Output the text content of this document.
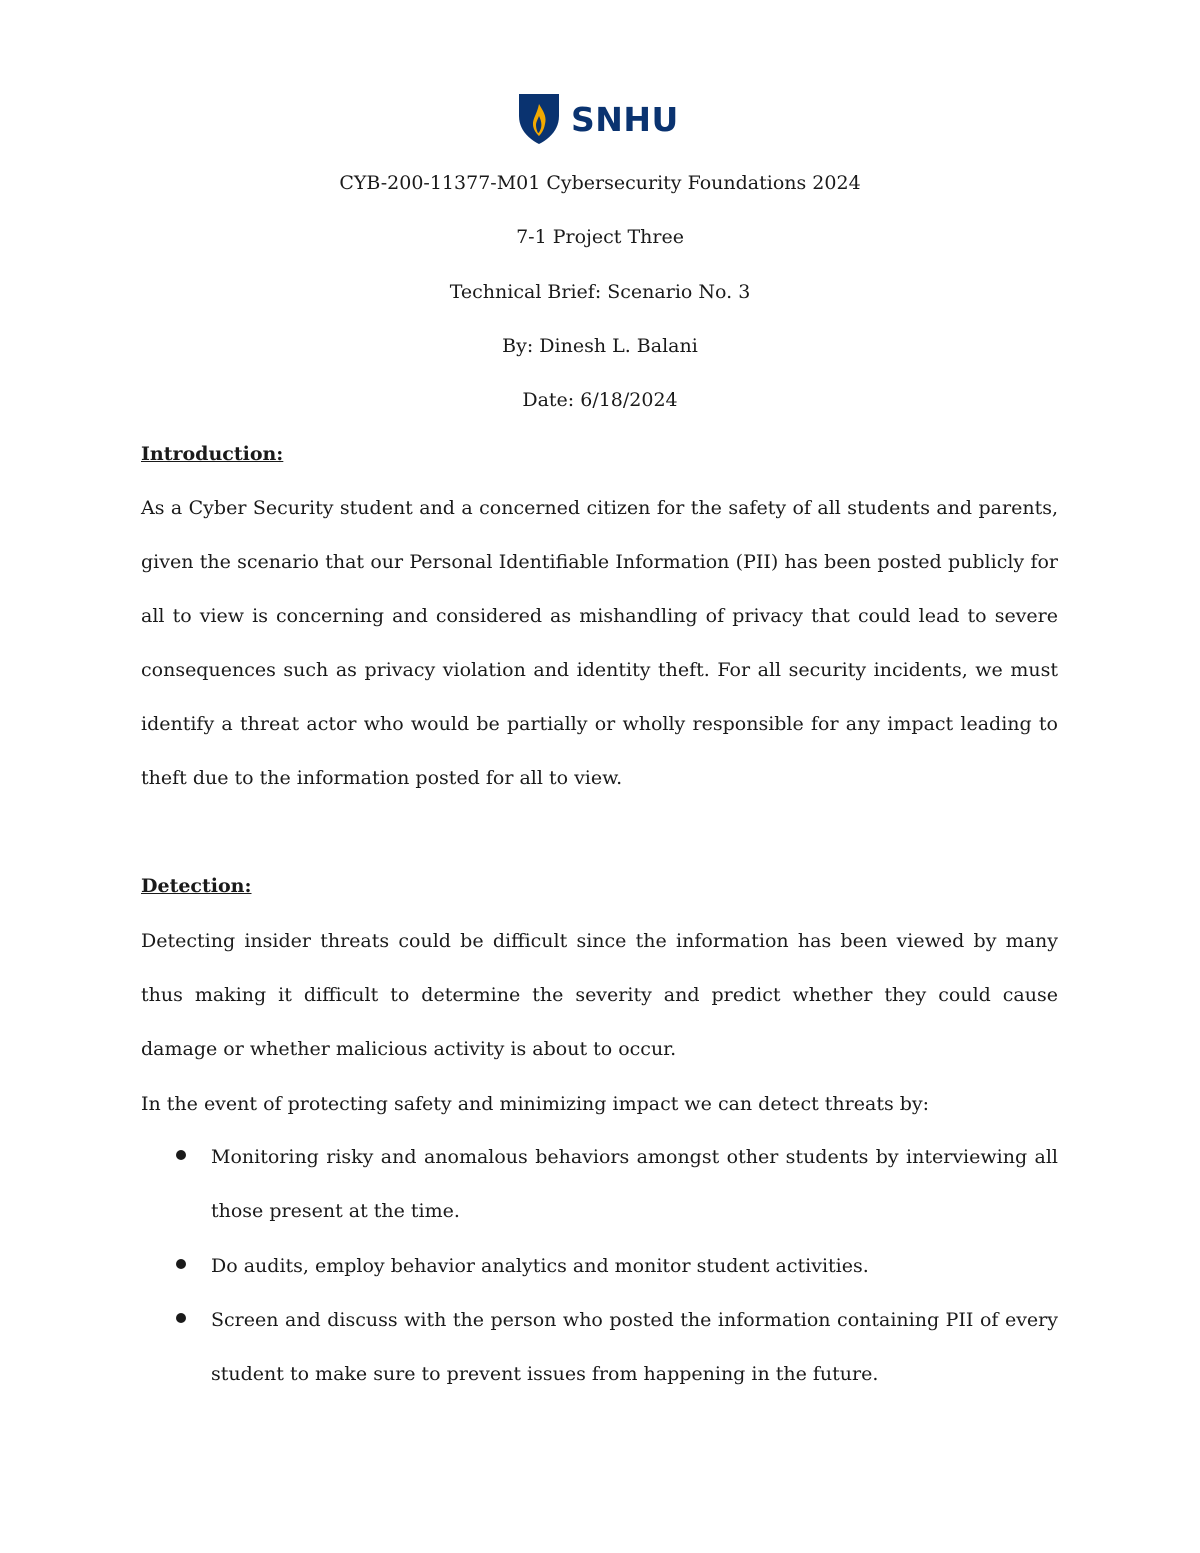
SNHU
CYB-200-11377-M01 Cybersecurity Foundations 2024
7-1 Project Three
Technical Brief: Scenario No. 3
By: Dinesh L. Balani
Date: 6/18/2024
Introduction:

As a Cyber Security student and a concerned citizen for the safety of all students and parents, given the scenario that our Personal Identifiable Information (PII) has been posted publicly for all to view is concerning and considered as mishandling of privacy that could lead to severe consequences such as privacy violation and identity theft. For all security incidents, we must identify a threat actor who would be partially or wholly responsible for any impact leading to theft due to the information posted for all to view.

Detection:

Detecting insider threats could be difficult since the information has been viewed by many thus making it difficult to determine the severity and predict whether they could cause damage or whether malicious activity is about to occur.

In the event of protecting safety and minimizing impact we can detect threats by:

Monitoring risky and anomalous behaviors amongst other students by interviewing all those present at the time.

Do audits, employ behavior analytics and monitor student activities.

Screen and discuss with the person who posted the information containing PII of every student to make sure to prevent issues from happening in the future.
